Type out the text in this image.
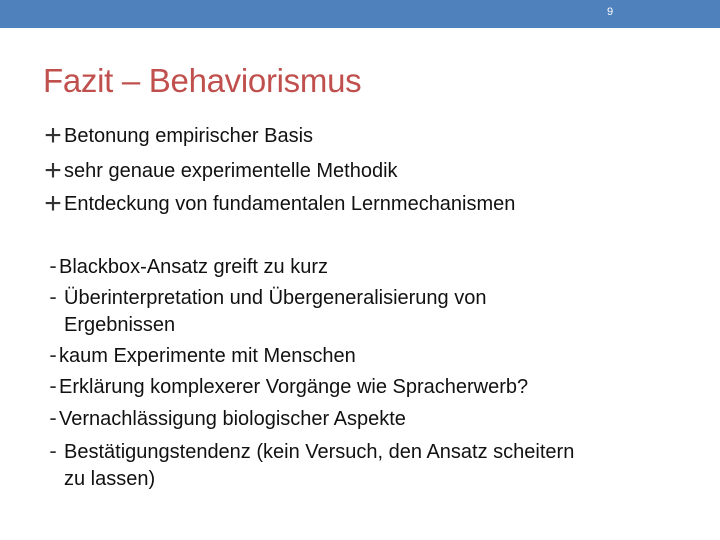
9
Fazit – Behaviorismus
+ Betonung empirischer Basis
+ sehr genaue experimentelle Methodik
+ Entdeckung von fundamentalen Lernmechanismen
- Blackbox-Ansatz greift zu kurz
- Überinterpretation und Übergeneralisierung von
Ergebnissen
- kaum Experimente mit Menschen
- Erklärung komplexerer Vorgänge wie Spracherwerb?
- Vernachlässigung biologischer Aspekte
- Bestätigungstendenz (kein Versuch, den Ansatz scheitern
zu lassen)
